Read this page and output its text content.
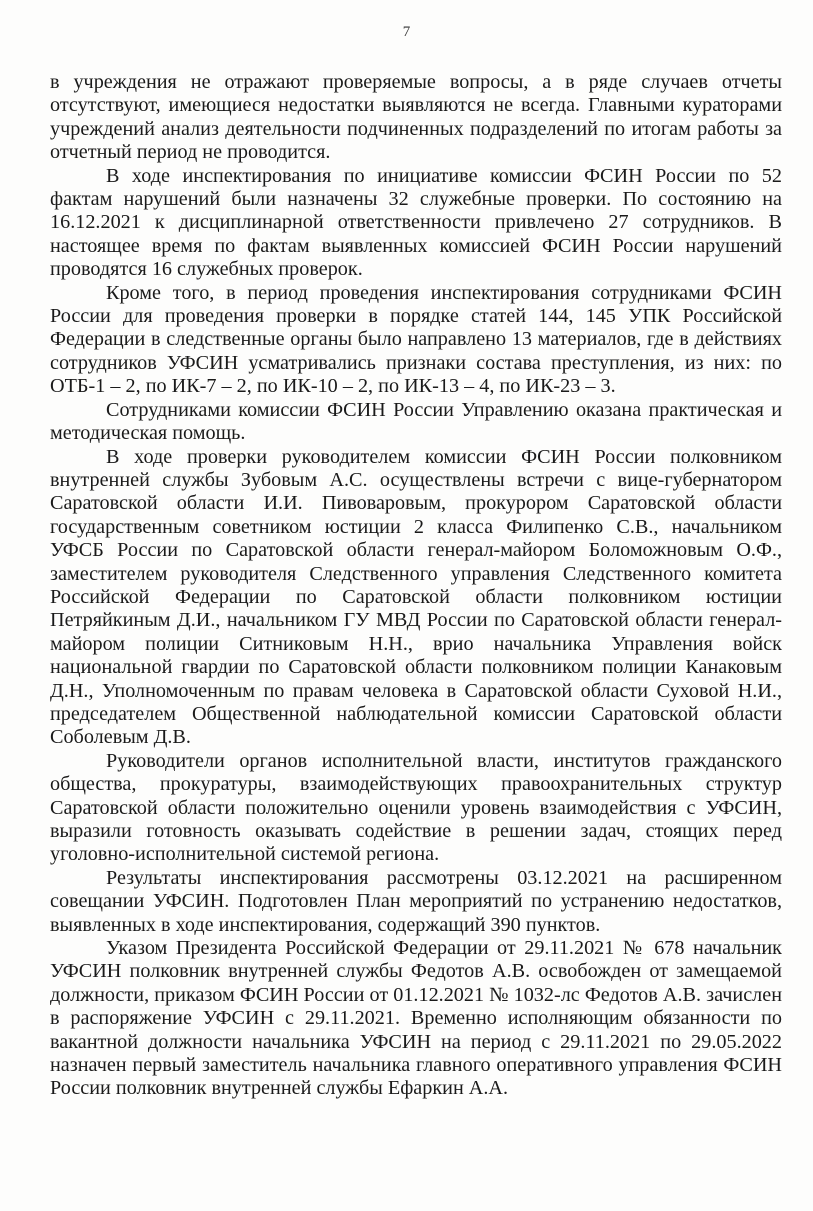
7

в учреждения не отражают проверяемые вопросы, а в ряде случаев отчеты отсутствуют, имеющиеся недостатки выявляются не всегда. Главными кураторами учреждений анализ деятельности подчиненных подразделений по итогам работы за отчетный период не проводится.

В ходе инспектирования по инициативе комиссии ФСИН России по 52 фактам нарушений были назначены 32 служебные проверки. По состоянию на 16.12.2021 к дисциплинарной ответственности привлечено 27 сотрудников. В настоящее время по фактам выявленных комиссией ФСИН России нарушений проводятся 16 служебных проверок.

Кроме того, в период проведения инспектирования сотрудниками ФСИН России для проведения проверки в порядке статей 144, 145 УПК Российской Федерации в следственные органы было направлено 13 материалов, где в действиях сотрудников УФСИН усматривались признаки состава преступления, из них: по ОТБ-1 – 2, по ИК-7 – 2, по ИК-10 – 2, по ИК-13 – 4, по ИК-23 – 3.

Сотрудниками комиссии ФСИН России Управлению оказана практическая и методическая помощь.

В ходе проверки руководителем комиссии ФСИН России полковником внутренней службы Зубовым А.С. осуществлены встречи с вице-губернатором Саратовской области И.И. Пивоваровым, прокурором Саратовской области государственным советником юстиции 2 класса Филипенко С.В., начальником УФСБ России по Саратовской области генерал-майором Боломожновым О.Ф., заместителем руководителя Следственного управления Следственного комитета Российской Федерации по Саратовской области полковником юстиции Петряйкиным Д.И., начальником ГУ МВД России по Саратовской области генерал-майором полиции Ситниковым Н.Н., врио начальника Управления войск национальной гвардии по Саратовской области полковником полиции Канаковым Д.Н., Уполномоченным по правам человека в Саратовской области Суховой Н.И., председателем Общественной наблюдательной комиссии Саратовской области Соболевым Д.В.

Руководители органов исполнительной власти, институтов гражданского общества, прокуратуры, взаимодействующих правоохранительных структур Саратовской области положительно оценили уровень взаимодействия с УФСИН, выразили готовность оказывать содействие в решении задач, стоящих перед уголовно-исполнительной системой региона.

Результаты инспектирования рассмотрены 03.12.2021 на расширенном совещании УФСИН. Подготовлен План мероприятий по устранению недостатков, выявленных в ходе инспектирования, содержащий 390 пунктов.

Указом Президента Российской Федерации от 29.11.2021 № 678 начальник УФСИН полковник внутренней службы Федотов А.В. освобожден от замещаемой должности, приказом ФСИН России от 01.12.2021 № 1032-лс Федотов А.В. зачислен в распоряжение УФСИН с 29.11.2021. Временно исполняющим обязанности по вакантной должности начальника УФСИН на период с 29.11.2021 по 29.05.2022 назначен первый заместитель начальника главного оперативного управления ФСИН России полковник внутренней службы Ефаркин А.А.
